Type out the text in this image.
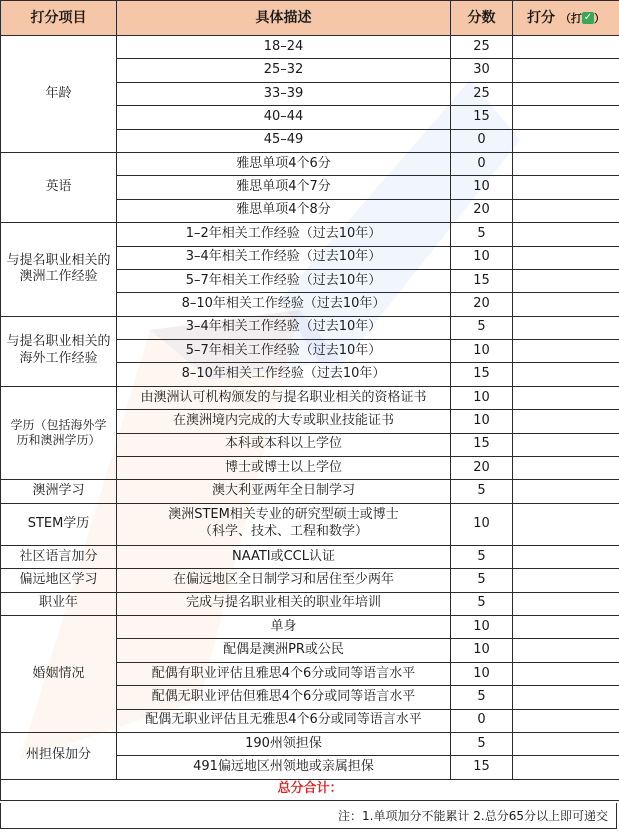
打分项目	具体描述	分数	打分 （打 ✓ ）
年龄	18–24	25	
	25–32	30	
	33–39	25	
	40–44	15	
	45–49	0	
英语	雅思单项4个6分	0	
	雅思单项4个7分	10	
	雅思单项4个8分	20	
与提名职业相关的澳洲工作经验	1–2年相关工作经验（过去10年）	5	
	3–4年相关工作经验（过去10年）	10	
	5–7年相关工作经验（过去10年）	15	
	8–10年相关工作经验（过去10年）	20	
与提名职业相关的海外工作经验	3–4年相关工作经验（过去10年）	5	
	5–7年相关工作经验（过去10年）	10	
	8–10年相关工作经验（过去10年）	15	
学历（包括海外学历和澳洲学历）	由澳洲认可机构颁发的与提名职业相关的资格证书	10	
	在澳洲境内完成的大专或职业技能证书	10	
	本科或本科以上学位	15	
	博士或博士以上学位	20	
澳洲学习	澳大利亚两年全日制学习	5	
STEM学历	澳洲STEM相关专业的研究型硕士或博士
（科学、技术、工程和数学）	10	
社区语言加分	NAATI或CCL认证	5	
偏远地区学习	在偏远地区全日制学习和居住至少两年	5	
职业年	完成与提名职业相关的职业年培训	5	
婚姻情况	单身	10	
	配偶是澳洲PR或公民	10	
	配偶有职业评估且雅思4个6分或同等语言水平	10	
	配偶无职业评估但雅思4个6分或同等语言水平	5	
	配偶无职业评估且无雅思4个6分或同等语言水平	0	
州担保加分	190州领担保	5	
	491偏远地区州领地或亲属担保	15	
总分合计：			
注：1.单项加分不能累计 2.总分65分以上即可递交
